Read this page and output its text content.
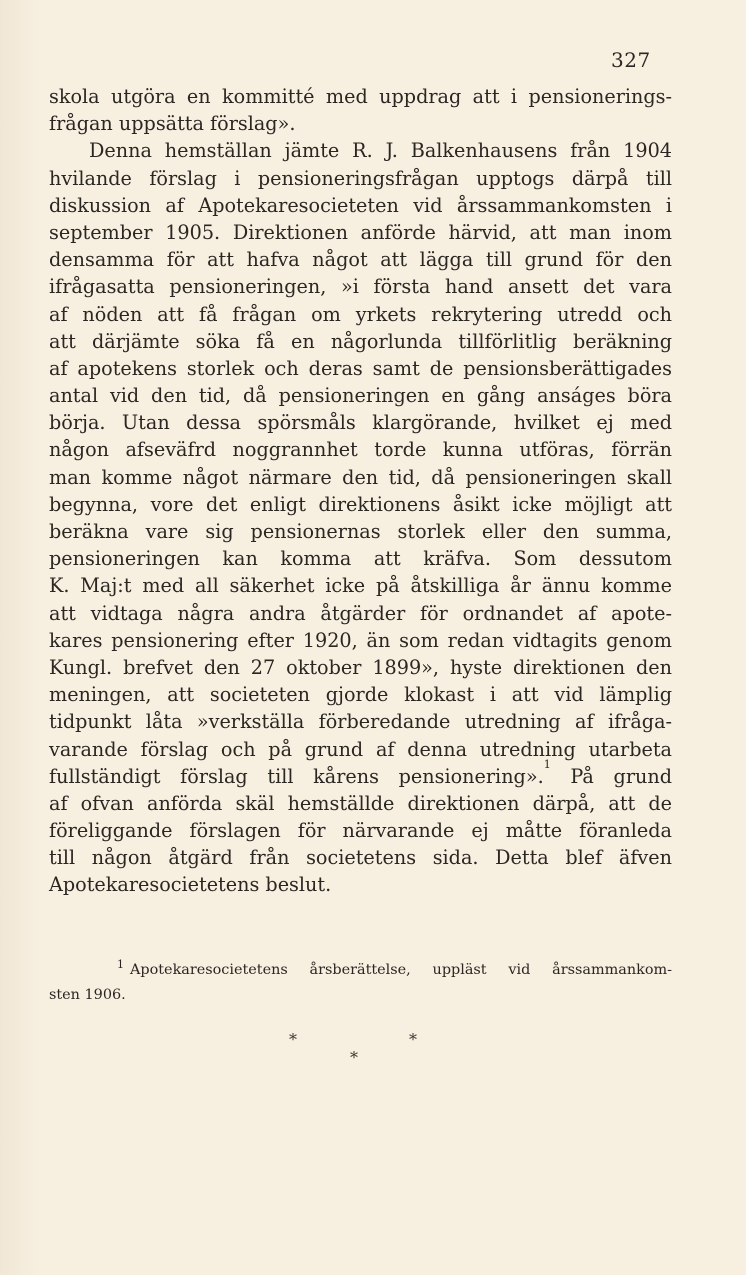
327
skola utgöra en kommitté med uppdrag att i pensionerings-
frågan uppsätta förslag».
Denna hemställan jämte R. J. Balkenhausens från 1904
hvilande förslag i pensioneringsfrågan upptogs därpå till
diskussion af Apotekaresocieteten vid årssammankomsten i
september 1905. Direktionen anförde härvid, att man inom
densamma för att hafva något att lägga till grund för den
ifrågasatta pensioneringen, »i första hand ansett det vara
af nöden att få frågan om yrkets rekrytering utredd och
att därjämte söka få en någorlunda tillförlitlig beräkning
af apotekens storlek och deras samt de pensionsberättigades
antal vid den tid, då pensioneringen en gång anságes böra
börja. Utan dessa spörsmåls klargörande, hvilket ej med
någon afseväfrd noggrannhet torde kunna utföras, förrän
man komme något närmare den tid, då pensioneringen skall
begynna, vore det enligt direktionens åsikt icke möjligt att
beräkna vare sig pensionernas storlek eller den summa,
pensioneringen kan komma att kräfva. Som dessutom
K. Maj:t med all säkerhet icke på åtskilliga år ännu komme
att vidtaga några andra åtgärder för ordnandet af apote-
kares pensionering efter 1920, än som redan vidtagits genom
Kungl. brefvet den 27 oktober 1899», hyste direktionen den
meningen, att societeten gjorde klokast i att vid lämplig
tidpunkt låta »verkställa förberedande utredning af ifråga-
varande förslag och på grund af denna utredning utarbeta
fullständigt förslag till kårens pensionering».$^1$ På grund
af ofvan anförda skäl hemställde direktionen därpå, att de
föreliggande förslagen för närvarande ej måtte föranleda
till någon åtgärd från societetens sida. Detta blef äfven
Apotekaresocietetens beslut.
$^1$ Apotekaresocietetens årsberättelse, uppläst vid årssammankom-
sten 1906.
*	*
*
